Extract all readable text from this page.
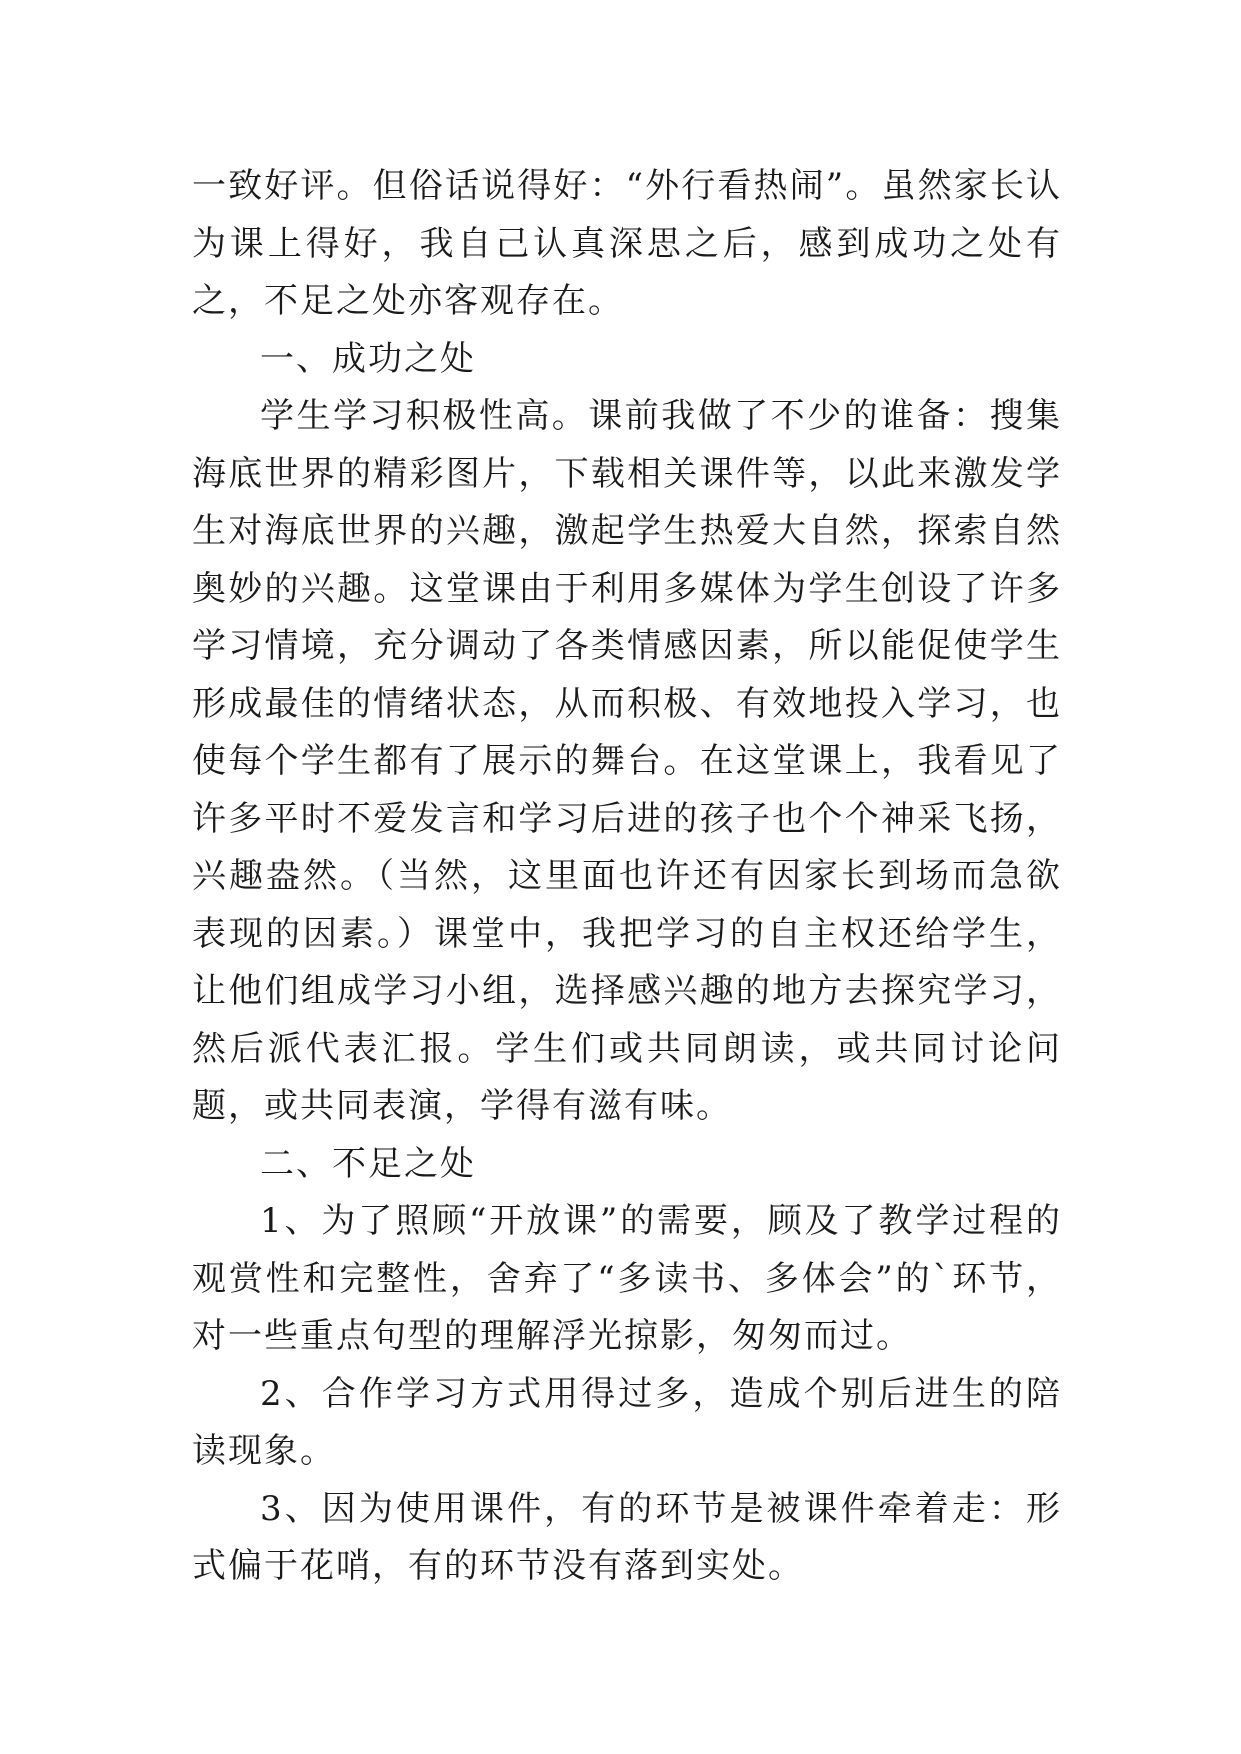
一致好评。但俗话说得好：“外行看热闹”。虽然家长认为课上得好，我自己认真深思之后，感到成功之处有之，不足之处亦客观存在。

一、成功之处

学生学习积极性高。课前我做了不少的谁备：搜集海底世界的精彩图片，下载相关课件等，以此来激发学生对海底世界的兴趣，激起学生热爱大自然，探索自然奥妙的兴趣。这堂课由于利用多媒体为学生创设了许多学习情境，充分调动了各类情感因素，所以能促使学生形成最佳的情绪状态，从而积极、有效地投入学习，也使每个学生都有了展示的舞台。在这堂课上，我看见了许多平时不爱发言和学习后进的孩子也个个神采飞扬，兴趣盎然。（当然，这里面也许还有因家长到场而急欲表现的因素。）课堂中，我把学习的自主权还给学生，让他们组成学习小组，选择感兴趣的地方去探究学习，然后派代表汇报。学生们或共同朗读，或共同讨论问题，或共同表演，学得有滋有味。

二、不足之处

1、为了照顾“开放课”的需要，顾及了教学过程的观赏性和完整性，舍弃了“多读书、多体会”的`环节，对一些重点句型的理解浮光掠影，匆匆而过。

2、合作学习方式用得过多，造成个别后进生的陪读现象。

3、因为使用课件，有的环节是被课件牵着走：形式偏于花哨，有的环节没有落到实处。
